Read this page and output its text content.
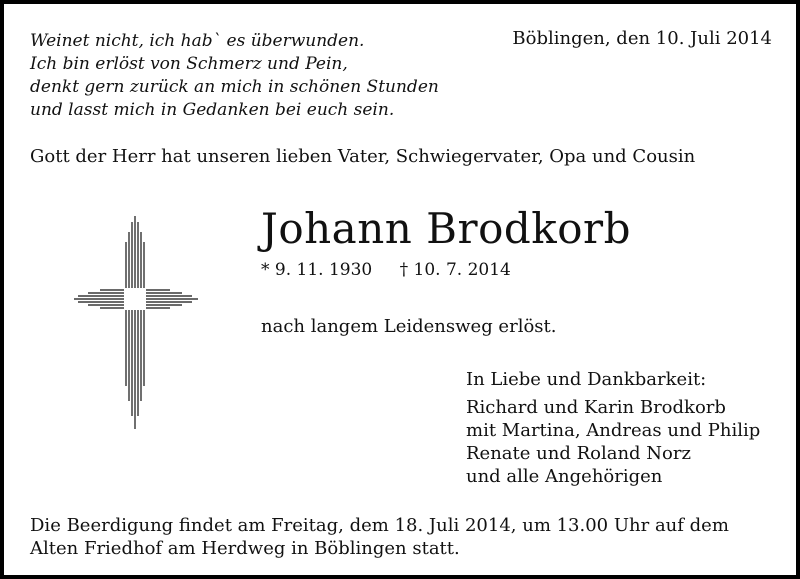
Weinet nicht, ich hab` es überwunden.
Ich bin erlöst von Schmerz und Pein,
denkt gern zurück an mich in schönen Stunden
und lasst mich in Gedanken bei euch sein.
Böblingen, den 10. Juli 2014
Gott der Herr hat unseren lieben Vater, Schwiegervater, Opa und Cousin
Johann Brodkorb
* 9. 11. 1930 † 10. 7. 2014
nach langem Leidensweg erlöst.
In Liebe und Dankbarkeit:
Richard und Karin Brodkorb
mit Martina, Andreas und Philip
Renate und Roland Norz
und alle Angehörigen
Die Beerdigung findet am Freitag, dem 18. Juli 2014, um 13.00 Uhr auf dem
Alten Friedhof am Herdweg in Böblingen statt.
